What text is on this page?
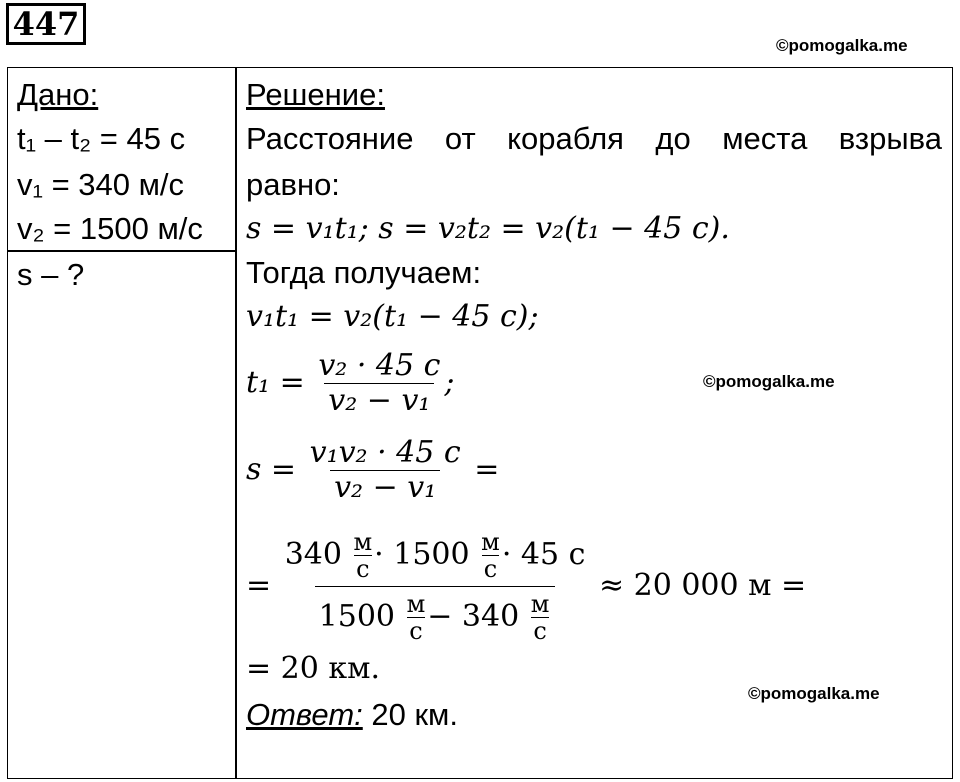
447
©pomogalka.me
Дано:
t₁ – t₂ = 45 с
v₁ = 340 м/с
v₂ = 1500 м/с
s – ?
Решение:
Расстояние от корабля до места взрыва
равно:
s = v₁t₁; s = v₂t₂ = v₂(t₁ − 45 с).
Тогда получаем:
v₁t₁ = v₂(t₁ − 45 с);
t₁ =
$\frac{\text{v₂ · 45 с}}{\text{v₂ − v₁}}$ ;	©pomogalka.me
s =
$\frac{\text{v₁v₂ · 45 с}}{\text{v₂ − v₁}}$
=
=
340
м
с · 1500
м
с · 45 с
1500
м
с − 340
м
с
≈ 20 000 м =
= 20 км.
©pomogalka.me
Ответ: 20 км.
